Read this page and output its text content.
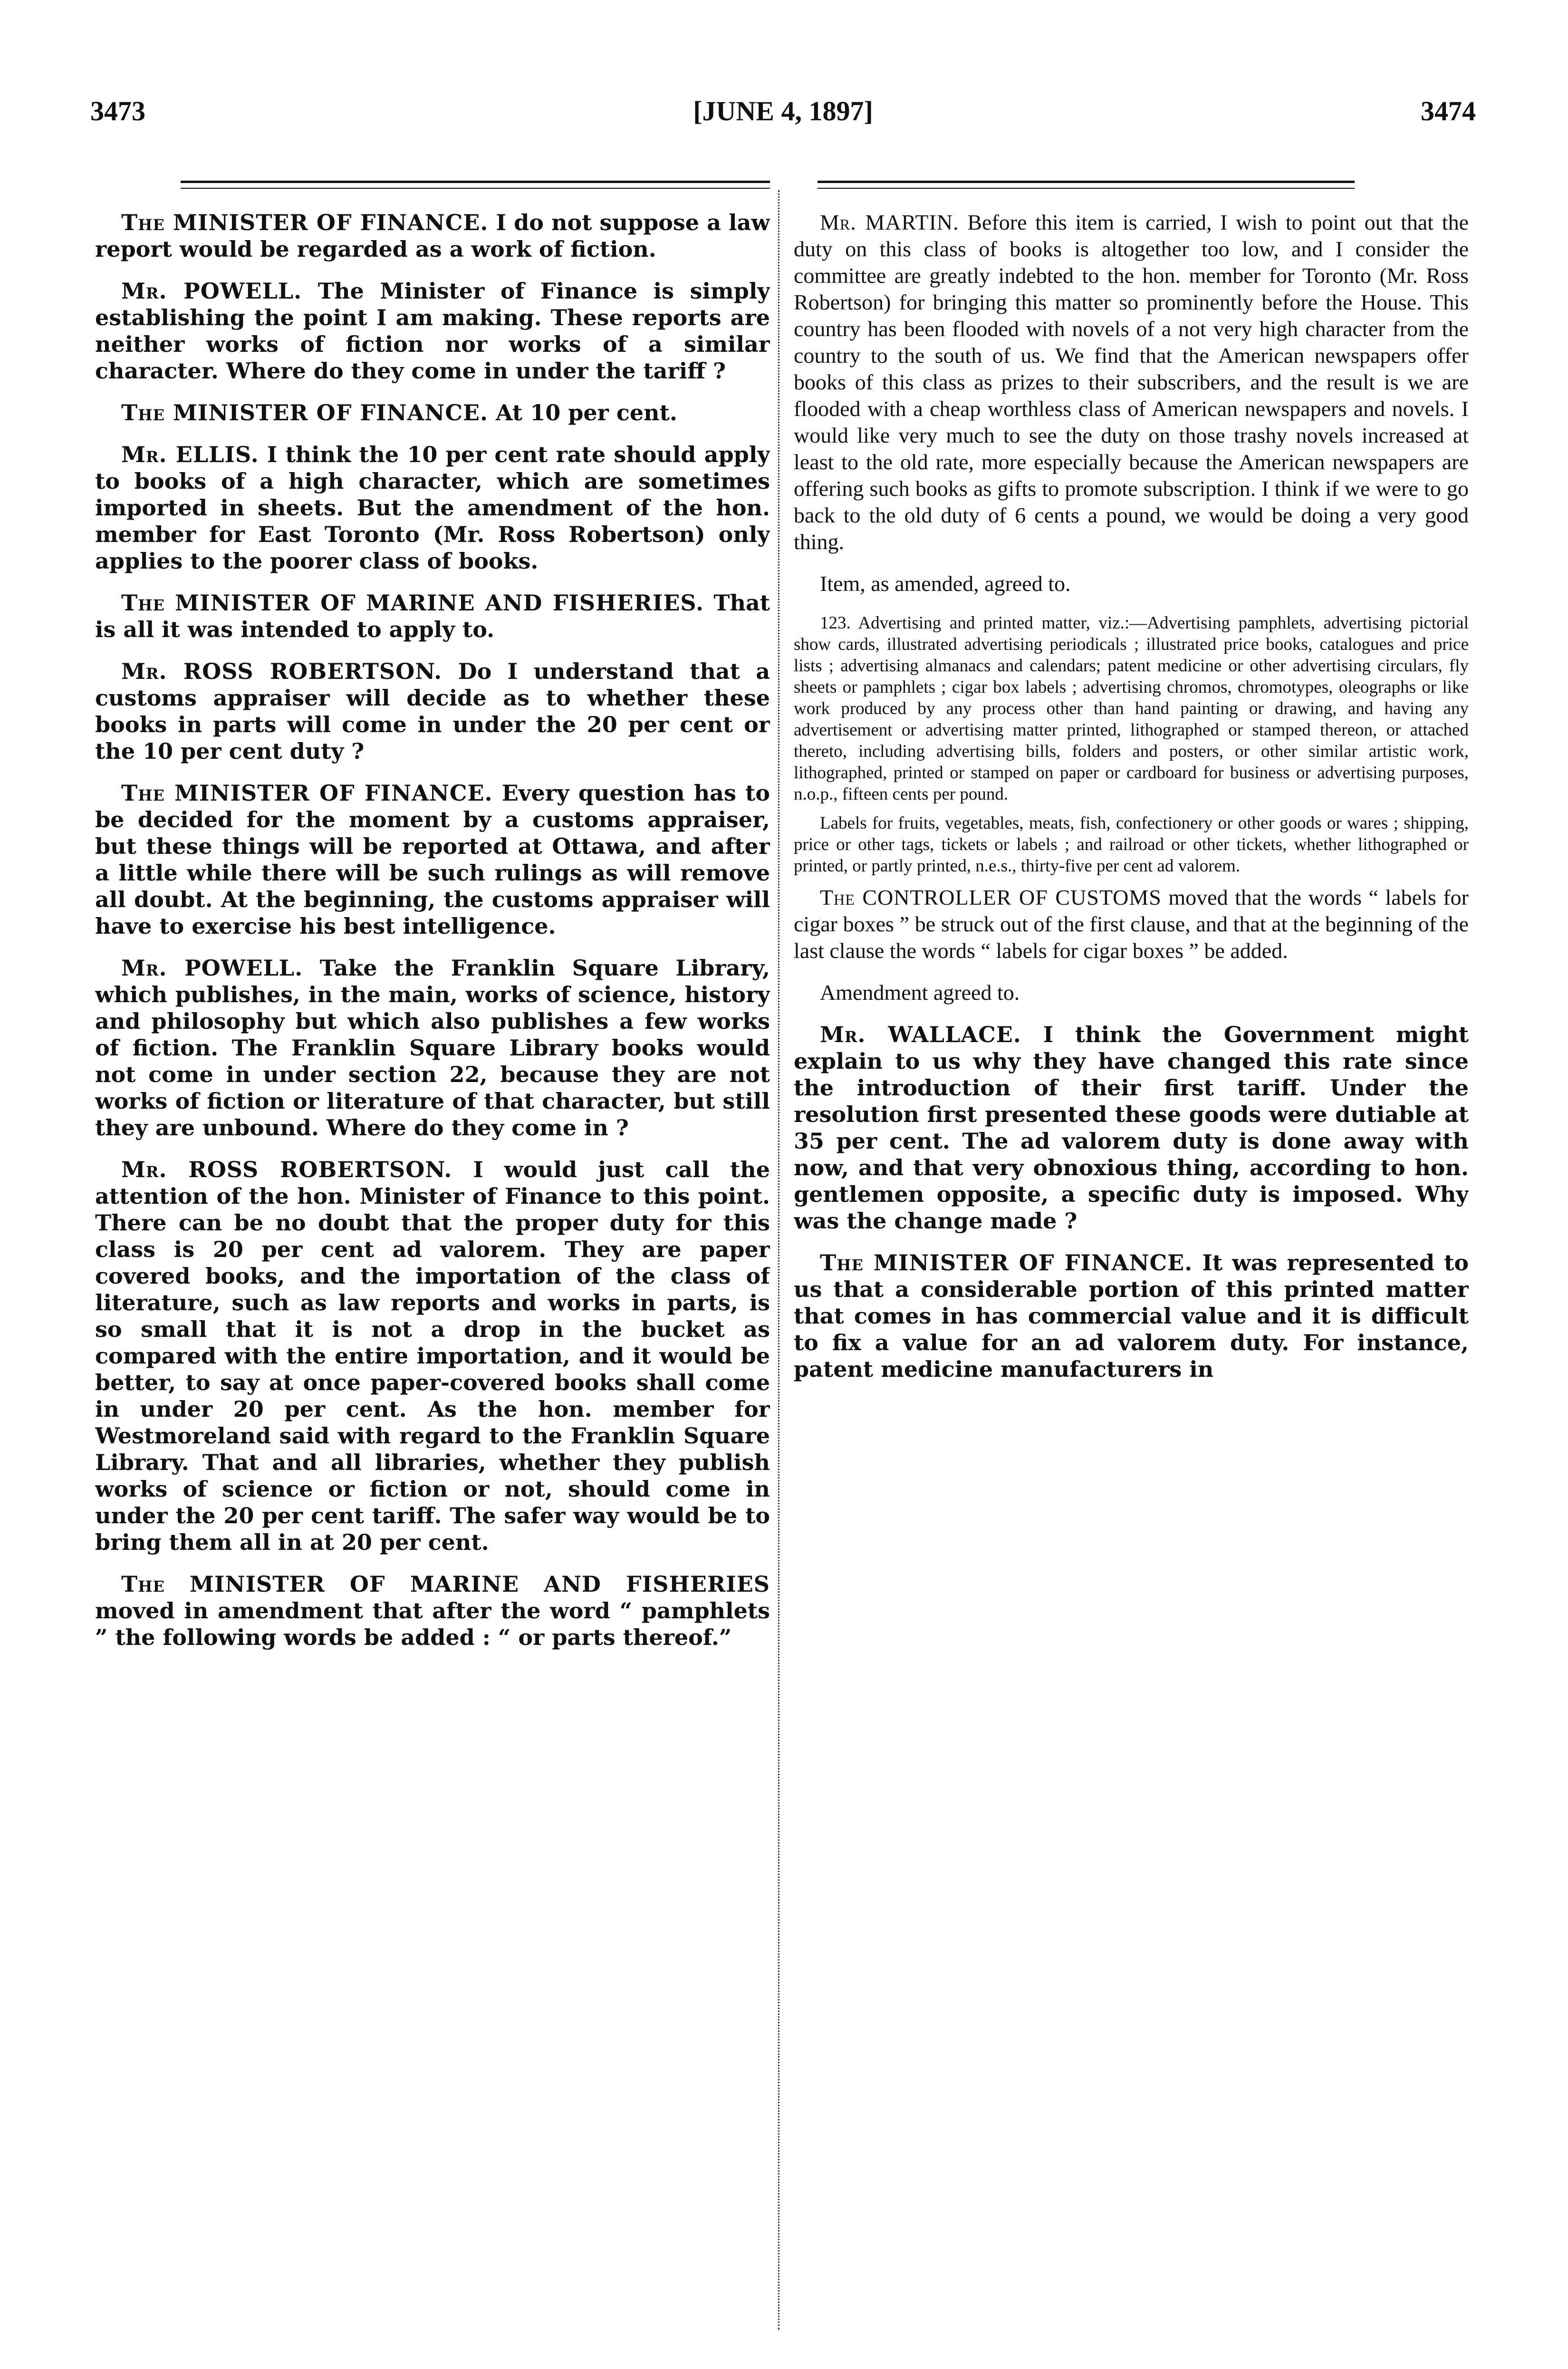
3473	[JUNE 4, 1897]	3474

The MINISTER OF FINANCE. I do not suppose a law report would be regarded as a work of fiction.

Mr. POWELL. The Minister of Finance is simply establishing the point I am making. These reports are neither works of fiction nor works of a similar character. Where do they come in under the tariff ?

The MINISTER OF FINANCE. At 10 per cent.

Mr. ELLIS. I think the 10 per cent rate should apply to books of a high character, which are sometimes imported in sheets. But the amendment of the hon. member for East Toronto (Mr. Ross Robertson) only applies to the poorer class of books.

The MINISTER OF MARINE AND FISHERIES. That is all it was intended to apply to.

Mr. ROSS ROBERTSON. Do I understand that a customs appraiser will decide as to whether these books in parts will come in under the 20 per cent or the 10 per cent duty ?

The MINISTER OF FINANCE. Every question has to be decided for the moment by a customs appraiser, but these things will be reported at Ottawa, and after a little while there will be such rulings as will remove all doubt. At the beginning, the customs appraiser will have to exercise his best intelligence.

Mr. POWELL. Take the Franklin Square Library, which publishes, in the main, works of science, history and philosophy but which also publishes a few works of fiction. The Franklin Square Library books would not come in under section 22, because they are not works of fiction or literature of that character, but still they are unbound. Where do they come in ?

Mr. ROSS ROBERTSON. I would just call the attention of the hon. Minister of Finance to this point. There can be no doubt that the proper duty for this class is 20 per cent ad valorem. They are paper covered books, and the importation of the class of literature, such as law reports and works in parts, is so small that it is not a drop in the bucket as compared with the entire importation, and it would be better, to say at once paper-covered books shall come in under 20 per cent. As the hon. member for Westmoreland said with regard to the Franklin Square Library. That and all libraries, whether they publish works of science or fiction or not, should come in under the 20 per cent tariff. The safer way would be to bring them all in at 20 per cent.

The MINISTER OF MARINE AND FISHERIES moved in amendment that after the word “ pamphlets ” the following words be added : “ or parts thereof.”

Mr. MARTIN. Before this item is carried, I wish to point out that the duty on this class of books is altogether too low, and I consider the committee are greatly indebted to the hon. member for Toronto (Mr. Ross Robertson) for bringing this matter so prominently before the House. This country has been flooded with novels of a not very high character from the country to the south of us. We find that the American newspapers offer books of this class as prizes to their subscribers, and the result is we are flooded with a cheap worthless class of American newspapers and novels. I would like very much to see the duty on those trashy novels increased at least to the old rate, more especially because the American newspapers are offering such books as gifts to promote subscription. I think if we were to go back to the old duty of 6 cents a pound, we would be doing a very good thing.

Item, as amended, agreed to.

123. Advertising and printed matter, viz.:—Advertising pamphlets, advertising pictorial show cards, illustrated advertising periodicals ; illustrated price books, catalogues and price lists ; advertising almanacs and calendars; patent medicine or other advertising circulars, fly sheets or pamphlets ; cigar box labels ; advertising chromos, chromotypes, oleographs or like work produced by any process other than hand painting or drawing, and having any advertisement or advertising matter printed, lithographed or stamped thereon, or attached thereto, including advertising bills, folders and posters, or other similar artistic work, lithographed, printed or stamped on paper or cardboard for business or advertising purposes, n.o.p., fifteen cents per pound.

Labels for fruits, vegetables, meats, fish, confectionery or other goods or wares ; shipping, price or other tags, tickets or labels ; and railroad or other tickets, whether lithographed or printed, or partly printed, n.e.s., thirty-five per cent ad valorem.

The CONTROLLER OF CUSTOMS moved that the words “ labels for cigar boxes ” be struck out of the first clause, and that at the beginning of the last clause the words “ labels for cigar boxes ” be added.

Amendment agreed to.

Mr. WALLACE. I think the Government might explain to us why they have changed this rate since the introduction of their first tariff. Under the resolution first presented these goods were dutiable at 35 per cent. The ad valorem duty is done away with now, and that very obnoxious thing, according to hon. gentlemen opposite, a specific duty is imposed. Why was the change made ?

The MINISTER OF FINANCE. It was represented to us that a considerable portion of this printed matter that comes in has commercial value and it is difficult to fix a value for an ad valorem duty. For instance, patent medicine manufacturers in
